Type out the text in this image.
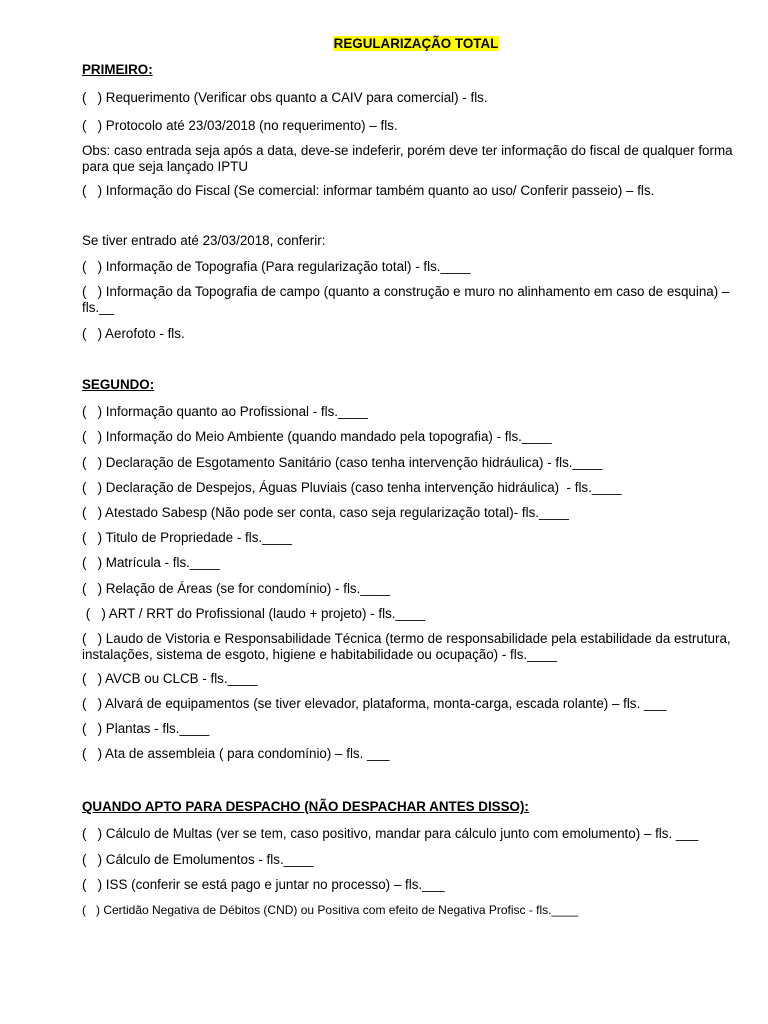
REGULARIZAÇÃO TOTAL
PRIMEIRO:
(   ) Requerimento (Verificar obs quanto a CAIV para comercial) - fls.
(   ) Protocolo até 23/03/2018 (no requerimento) – fls.
Obs: caso entrada seja após a data, deve-se indeferir, porém deve ter informação do fiscal de qualquer forma para que seja lançado IPTU
(   ) Informação do Fiscal (Se comercial: informar também quanto ao uso/ Conferir passeio) – fls.
Se tiver entrado até 23/03/2018, conferir:
(   ) Informação de Topografia (Para regularização total) - fls.____
(   ) Informação da Topografia de campo (quanto a construção e muro no alinhamento em caso de esquina) – fls.__
(   ) Aerofoto - fls.
SEGUNDO:
(   ) Informação quanto ao Profissional - fls.____
(   ) Informação do Meio Ambiente (quando mandado pela topografia) - fls.____
(   ) Declaração de Esgotamento Sanitário (caso tenha intervenção hidráulica) - fls.____
(   ) Declaração de Despejos, Águas Pluviais (caso tenha intervenção hidráulica)  - fls.____
(   ) Atestado Sabesp (Não pode ser conta, caso seja regularização total)- fls.____
(   ) Titulo de Propriedade - fls.____
(   ) Matrícula - fls.____
(   ) Relação de Áreas (se for condomínio) - fls.____
(   ) ART / RRT do Profissional (laudo + projeto) - fls.____
(   ) Laudo de Vistoria e Responsabilidade Técnica (termo de responsabilidade pela estabilidade da estrutura, instalações, sistema de esgoto, higiene e habitabilidade ou ocupação) - fls.____
(   ) AVCB ou CLCB - fls.____
(   ) Alvará de equipamentos (se tiver elevador, plataforma, monta-carga, escada rolante) – fls. ___
(   ) Plantas - fls.____
(   ) Ata de assembleia ( para condomínio) – fls. ___
QUANDO APTO PARA DESPACHO (NÃO DESPACHAR ANTES DISSO):
(   ) Cálculo de Multas (ver se tem, caso positivo, mandar para cálculo junto com emolumento) – fls. ___
(   ) Cálculo de Emolumentos - fls.____
(   ) ISS (conferir se está pago e juntar no processo) – fls.___
(   ) Certidão Negativa de Débitos (CND) ou Positiva com efeito de Negativa Profisc - fls.____
